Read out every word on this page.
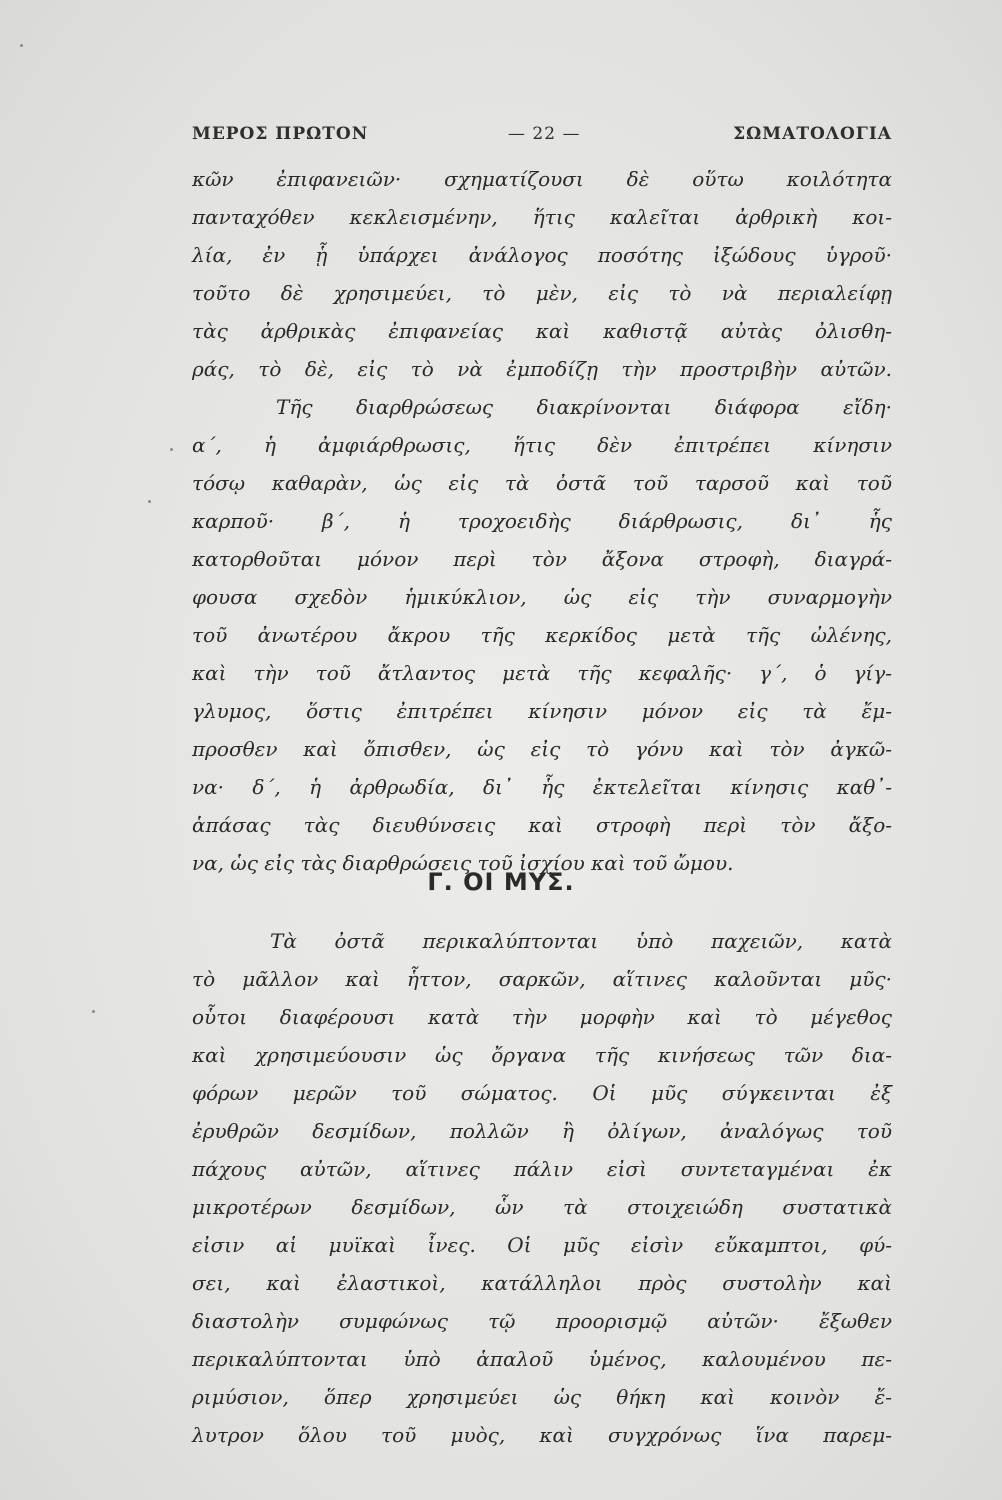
ΜΕΡΟΣ ΠΡΩΤΟΝ	— 22 —	ΣΩΜΑΤΟΛΟΓΙΑ
κῶν ἐπιφανειῶν· σχηματίζουσι δὲ οὕτω κοιλότητα
πανταχόθεν κεκλεισμένην, ἥτις καλεῖται ἀρθρικὴ κοι-
λία, ἐν ᾗ ὑπάρχει ἀνάλογος ποσότης ἰξώδους ὑγροῦ·
τοῦτο δὲ χρησιμεύει, τὸ μὲν, εἰς τὸ νὰ περιαλείφῃ
τὰς ἀρθρικὰς ἐπιφανείας καὶ καθιστᾷ αὐτὰς ὀλισθη-
ράς, τὸ δὲ, εἰς τὸ νὰ ἐμποδίζῃ τὴν προστριβὴν αὐτῶν.
Τῆς διαρθρώσεως διακρίνονται διάφορα εἴδη·
α΄, ἡ ἀμφιάρθρωσις, ἥτις δὲν ἐπιτρέπει κίνησιν
τόσῳ καθαρὰν, ὡς εἰς τὰ ὀστᾶ τοῦ ταρσοῦ καὶ τοῦ
καρποῦ· β΄, ἡ τροχοειδὴς διάρθρωσις, δι᾽ ἧς
κατορθοῦται μόνον περὶ τὸν ἄξονα στροφὴ, διαγρά-
φουσα σχεδὸν ἡμικύκλιον, ὡς εἰς τὴν συναρμογὴν
τοῦ ἀνωτέρου ἄκρου τῆς κερκίδος μετὰ τῆς ὠλένης,
καὶ τὴν τοῦ ἄτλαντος μετὰ τῆς κεφαλῆς· γ΄, ὁ γίγ-
γλυμος, ὅστις ἐπιτρέπει κίνησιν μόνον εἰς τὰ ἔμ-
προσθεν καὶ ὄπισθεν, ὡς εἰς τὸ γόνυ καὶ τὸν ἀγκῶ-
να· δ΄, ἡ ἀρθρωδία, δι᾽ ἧς ἐκτελεῖται κίνησις καθ᾽-
ἁπάσας τὰς διευθύνσεις καὶ στροφὴ περὶ τὸν ἄξο-
να, ὡς εἰς τὰς διαρθρώσεις τοῦ ἰσχίου καὶ τοῦ ὤμου.
Γ. ΟΙ ΜΥΣ.
Τὰ ὀστᾶ περικαλύπτονται ὑπὸ παχειῶν, κατὰ
τὸ μᾶλλον καὶ ἧττον, σαρκῶν, αἵτινες καλοῦνται μῦς·
οὗτοι διαφέρουσι κατὰ τὴν μορφὴν καὶ τὸ μέγεθος
καὶ χρησιμεύουσιν ὡς ὄργανα τῆς κινήσεως τῶν δια-
φόρων μερῶν τοῦ σώματος. Οἱ μῦς σύγκεινται ἐξ
ἐρυθρῶν δεσμίδων, πολλῶν ἢ ὀλίγων, ἀναλόγως τοῦ
πάχους αὐτῶν, αἵτινες πάλιν εἰσὶ συντεταγμέναι ἐκ
μικροτέρων δεσμίδων, ὧν τὰ στοιχειώδη συστατικὰ
εἰσιν αἱ μυϊκαὶ ἶνες. Οἱ μῦς εἰσὶν εὔκαμπτοι, φύ-
σει, καὶ ἐλαστικοὶ, κατάλληλοι πρὸς συστολὴν καὶ
διαστολὴν συμφώνως τῷ προορισμῷ αὐτῶν· ἔξωθεν
περικαλύπτονται ὑπὸ ἁπαλοῦ ὑμένος, καλουμένου πε-
ριμύσιον, ὅπερ χρησιμεύει ὡς θήκη καὶ κοινὸν ἔ-
λυτρον ὅλου τοῦ μυὸς, καὶ συγχρόνως ἵνα παρεμ-
